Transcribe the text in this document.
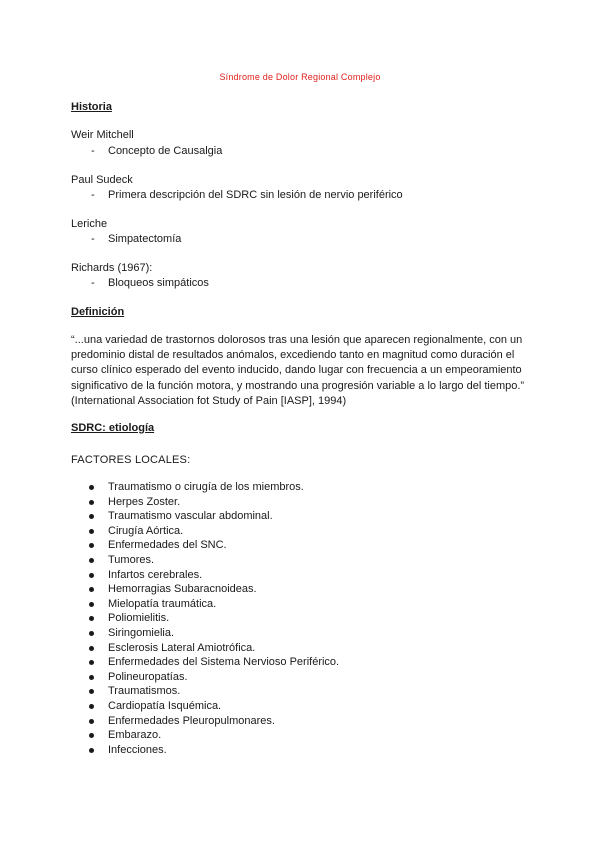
Síndrome de Dolor Regional Complejo
Historia
Weir Mitchell
- Concepto de Causalgia
Paul Sudeck
- Primera descripción del SDRC sin lesión de nervio periférico
Leriche
- Simpatectomía
Richards (1967):
- Bloqueos simpáticos
Definición
“...una variedad de trastornos dolorosos tras una lesión que aparecen regionalmente, con un predominio distal de resultados anómalos, excediendo tanto en magnitud como duración el curso clínico esperado del evento inducido, dando lugar con frecuencia a un empeoramiento significativo de la función motora, y mostrando una progresión variable a lo largo del tiempo.” (International Association fot Study of Pain [IASP], 1994)
SDRC: etiología
FACTORES LOCALES:
Traumatismo o cirugía de los miembros.
Herpes Zoster.
Traumatismo vascular abdominal.
Cirugía Aórtica.
Enfermedades del SNC.
Tumores.
Infartos cerebrales.
Hemorragias Subaracnoideas.
Mielopatía traumática.
Poliomielitis.
Siringomielia.
Esclerosis Lateral Amiotrófica.
Enfermedades del Sistema Nervioso Periférico.
Polineuropatías.
Traumatismos.
Cardiopatía Isquémica.
Enfermedades Pleuropulmonares.
Embarazo.
Infecciones.
